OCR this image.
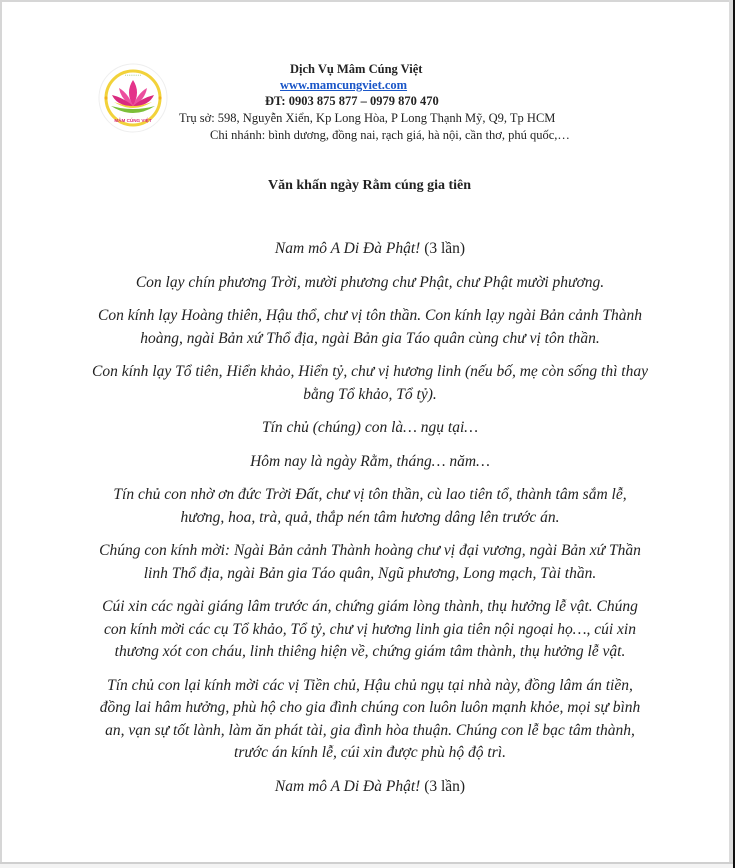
• • • • • • • • •
MÂM CÚNG VIỆT
Dịch Vụ Mâm Cúng Việt
www.mamcungviet.com
ĐT: 0903 875 877 – 0979 870 470
Trụ sở: 598, Nguyễn Xiển, Kp Long Hòa, P Long Thạnh Mỹ, Q9, Tp HCM
Chi nhánh: bình dương, đồng nai, rạch giá, hà nội, cần thơ, phú quốc,…
Văn khấn ngày Rằm cúng gia tiên

Nam mô A Di Đà Phật! (3 lần)

Con lạy chín phương Trời, mười phương chư Phật, chư Phật mười phương.

Con kính lạy Hoàng thiên, Hậu thổ, chư vị tôn thần. Con kính lạy ngài Bản cảnh Thành hoàng, ngài Bản xứ Thổ địa, ngài Bản gia Táo quân cùng chư vị tôn thần.

Con kính lạy Tổ tiên, Hiển khảo, Hiển tỷ, chư vị hương linh (nếu bố, mẹ còn sống thì thay bằng Tổ khảo, Tổ tỷ).

Tín chủ (chúng) con là… ngụ tại…

Hôm nay là ngày Rằm, tháng… năm…

Tín chủ con nhờ ơn đức Trời Đất, chư vị tôn thần, cù lao tiên tổ, thành tâm sắm lễ, hương, hoa, trà, quả, thắp nén tâm hương dâng lên trước án.

Chúng con kính mời: Ngài Bản cảnh Thành hoàng chư vị đại vương, ngài Bản xứ Thần linh Thổ địa, ngài Bản gia Táo quân, Ngũ phương, Long mạch, Tài thần.

Cúi xin các ngài giáng lâm trước án, chứng giám lòng thành, thụ hưởng lễ vật. Chúng con kính mời các cụ Tổ khảo, Tổ tỷ, chư vị hương linh gia tiên nội ngoại họ…, cúi xin thương xót con cháu, linh thiêng hiện về, chứng giám tâm thành, thụ hưởng lễ vật.

Tín chủ con lại kính mời các vị Tiền chủ, Hậu chủ ngụ tại nhà này, đồng lâm án tiền, đồng lai hâm hưởng, phù hộ cho gia đình chúng con luôn luôn mạnh khỏe, mọi sự bình an, vạn sự tốt lành, làm ăn phát tài, gia đình hòa thuận. Chúng con lễ bạc tâm thành, trước án kính lễ, cúi xin được phù hộ độ trì.

Nam mô A Di Đà Phật! (3 lần)
